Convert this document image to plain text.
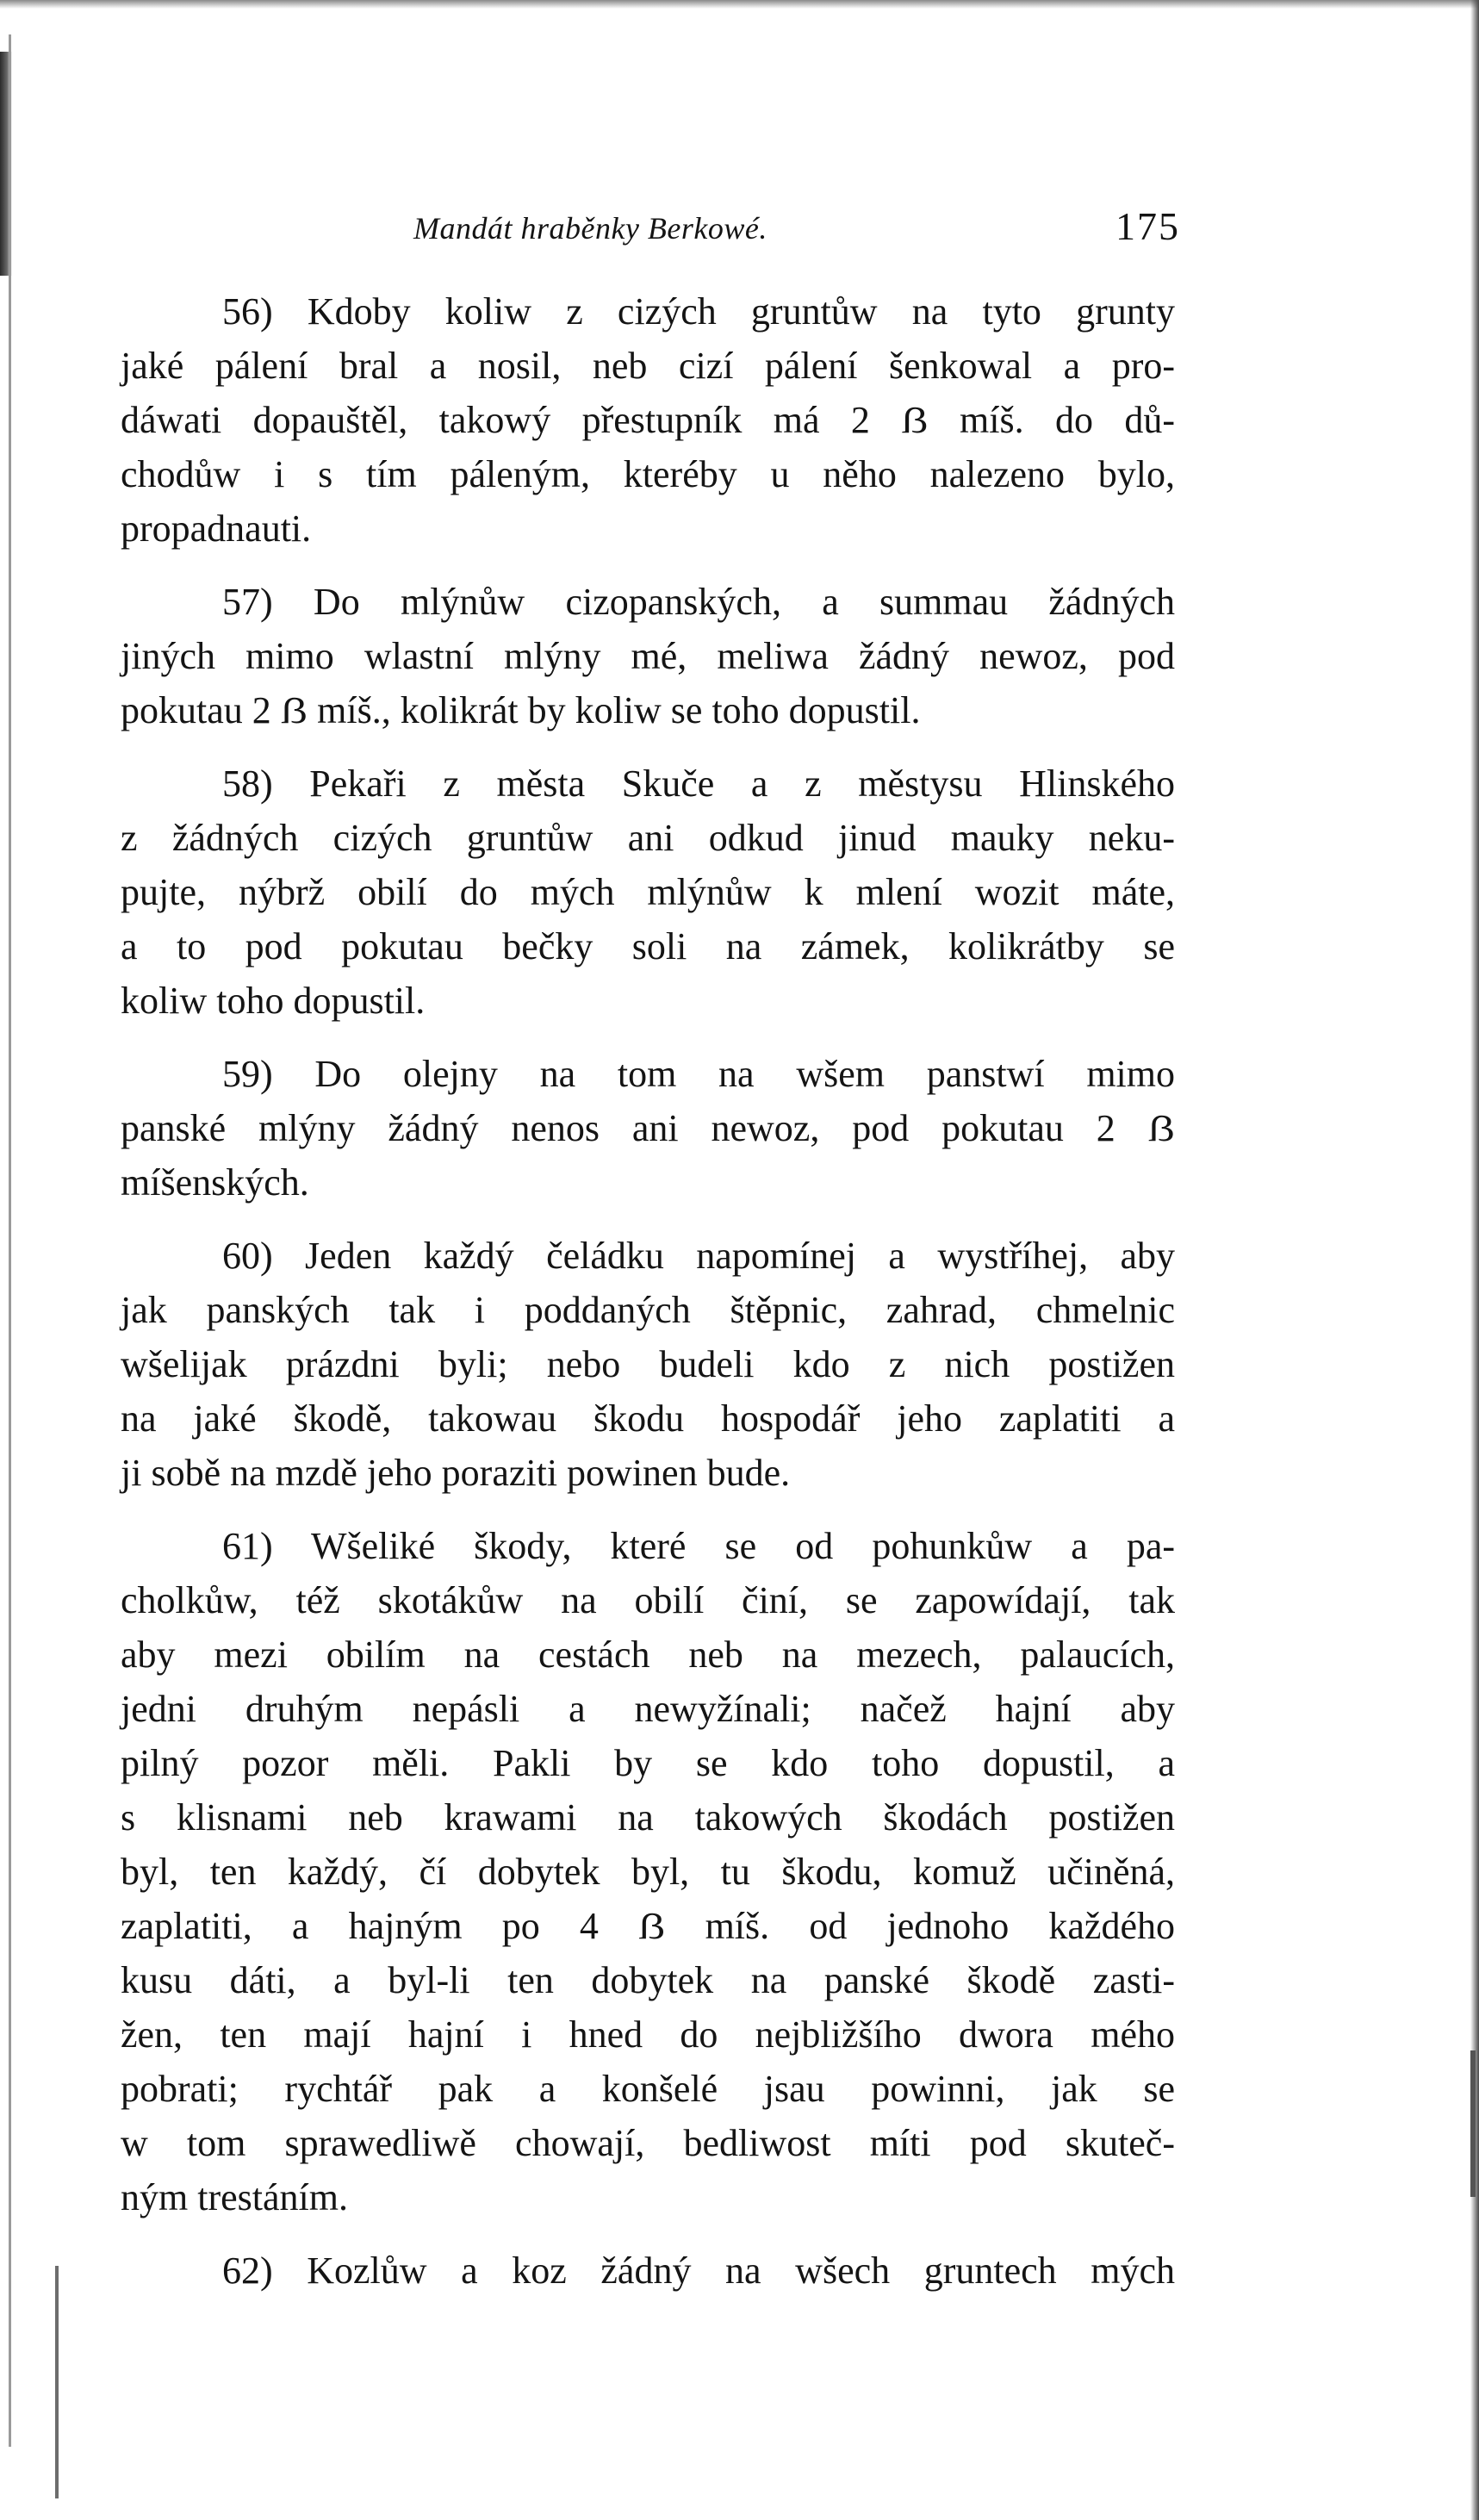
Mandát hraběnky Berkowé.	175

56) Kdoby koliw z cizých gruntůw na tyto grunty
jaké pálení bral a nosil, neb cizí pálení šenkowal a pro-
dáwati dopauštěl, takowý přestupník má 2 ẞ míš. do dů-
chodůw i s tím páleným, kteréby u něho nalezeno bylo,
propadnauti.

57) Do mlýnůw cizopanských, a summau žádných
jiných mimo wlastní mlýny mé, meliwa žádný newoz, pod
pokutau 2 ẞ míš., kolikrát by koliw se toho dopustil.

58) Pekaři z města Skuče a z městysu Hlinského
z žádných cizých gruntůw ani odkud jinud mauky neku-
pujte, nýbrž obilí do mých mlýnůw k mlení wozit máte,
a to pod pokutau bečky soli na zámek, kolikrátby se
koliw toho dopustil.

59) Do olejny na tom na wšem panstwí mimo
panské mlýny žádný nenos ani newoz, pod pokutau 2 ẞ
míšenských.

60) Jeden každý čeládku napomínej a wystříhej, aby
jak panských tak i poddaných štěpnic, zahrad, chmelnic
wšelijak prázdni byli; nebo budeli kdo z nich postižen
na jaké škodě, takowau škodu hospodář jeho zaplatiti a
ji sobě na mzdě jeho poraziti powinen bude.

61) Wšeliké škody, které se od pohunkůw a pa-
cholkůw, též skotákůw na obilí činí, se zapowídají, tak
aby mezi obilím na cestách neb na mezech, palaucích,
jedni druhým nepásli a newyžínali; načež hajní aby
pilný pozor měli. Pakli by se kdo toho dopustil, a
s klisnami neb krawami na takowých škodách postižen
byl, ten každý, čí dobytek byl, tu škodu, komuž učiněná,
zaplatiti, a hajným po 4 ẞ míš. od jednoho každého
kusu dáti, a byl-li ten dobytek na panské škodě zasti-
žen, ten mají hajní i hned do nejbližšího dwora mého
pobrati; rychtář pak a konšelé jsau powinni, jak se
w tom sprawedliwě chowají, bedliwost míti pod skuteč-
ným trestáním.

62) Kozlůw a koz žádný na wšech gruntech mých
